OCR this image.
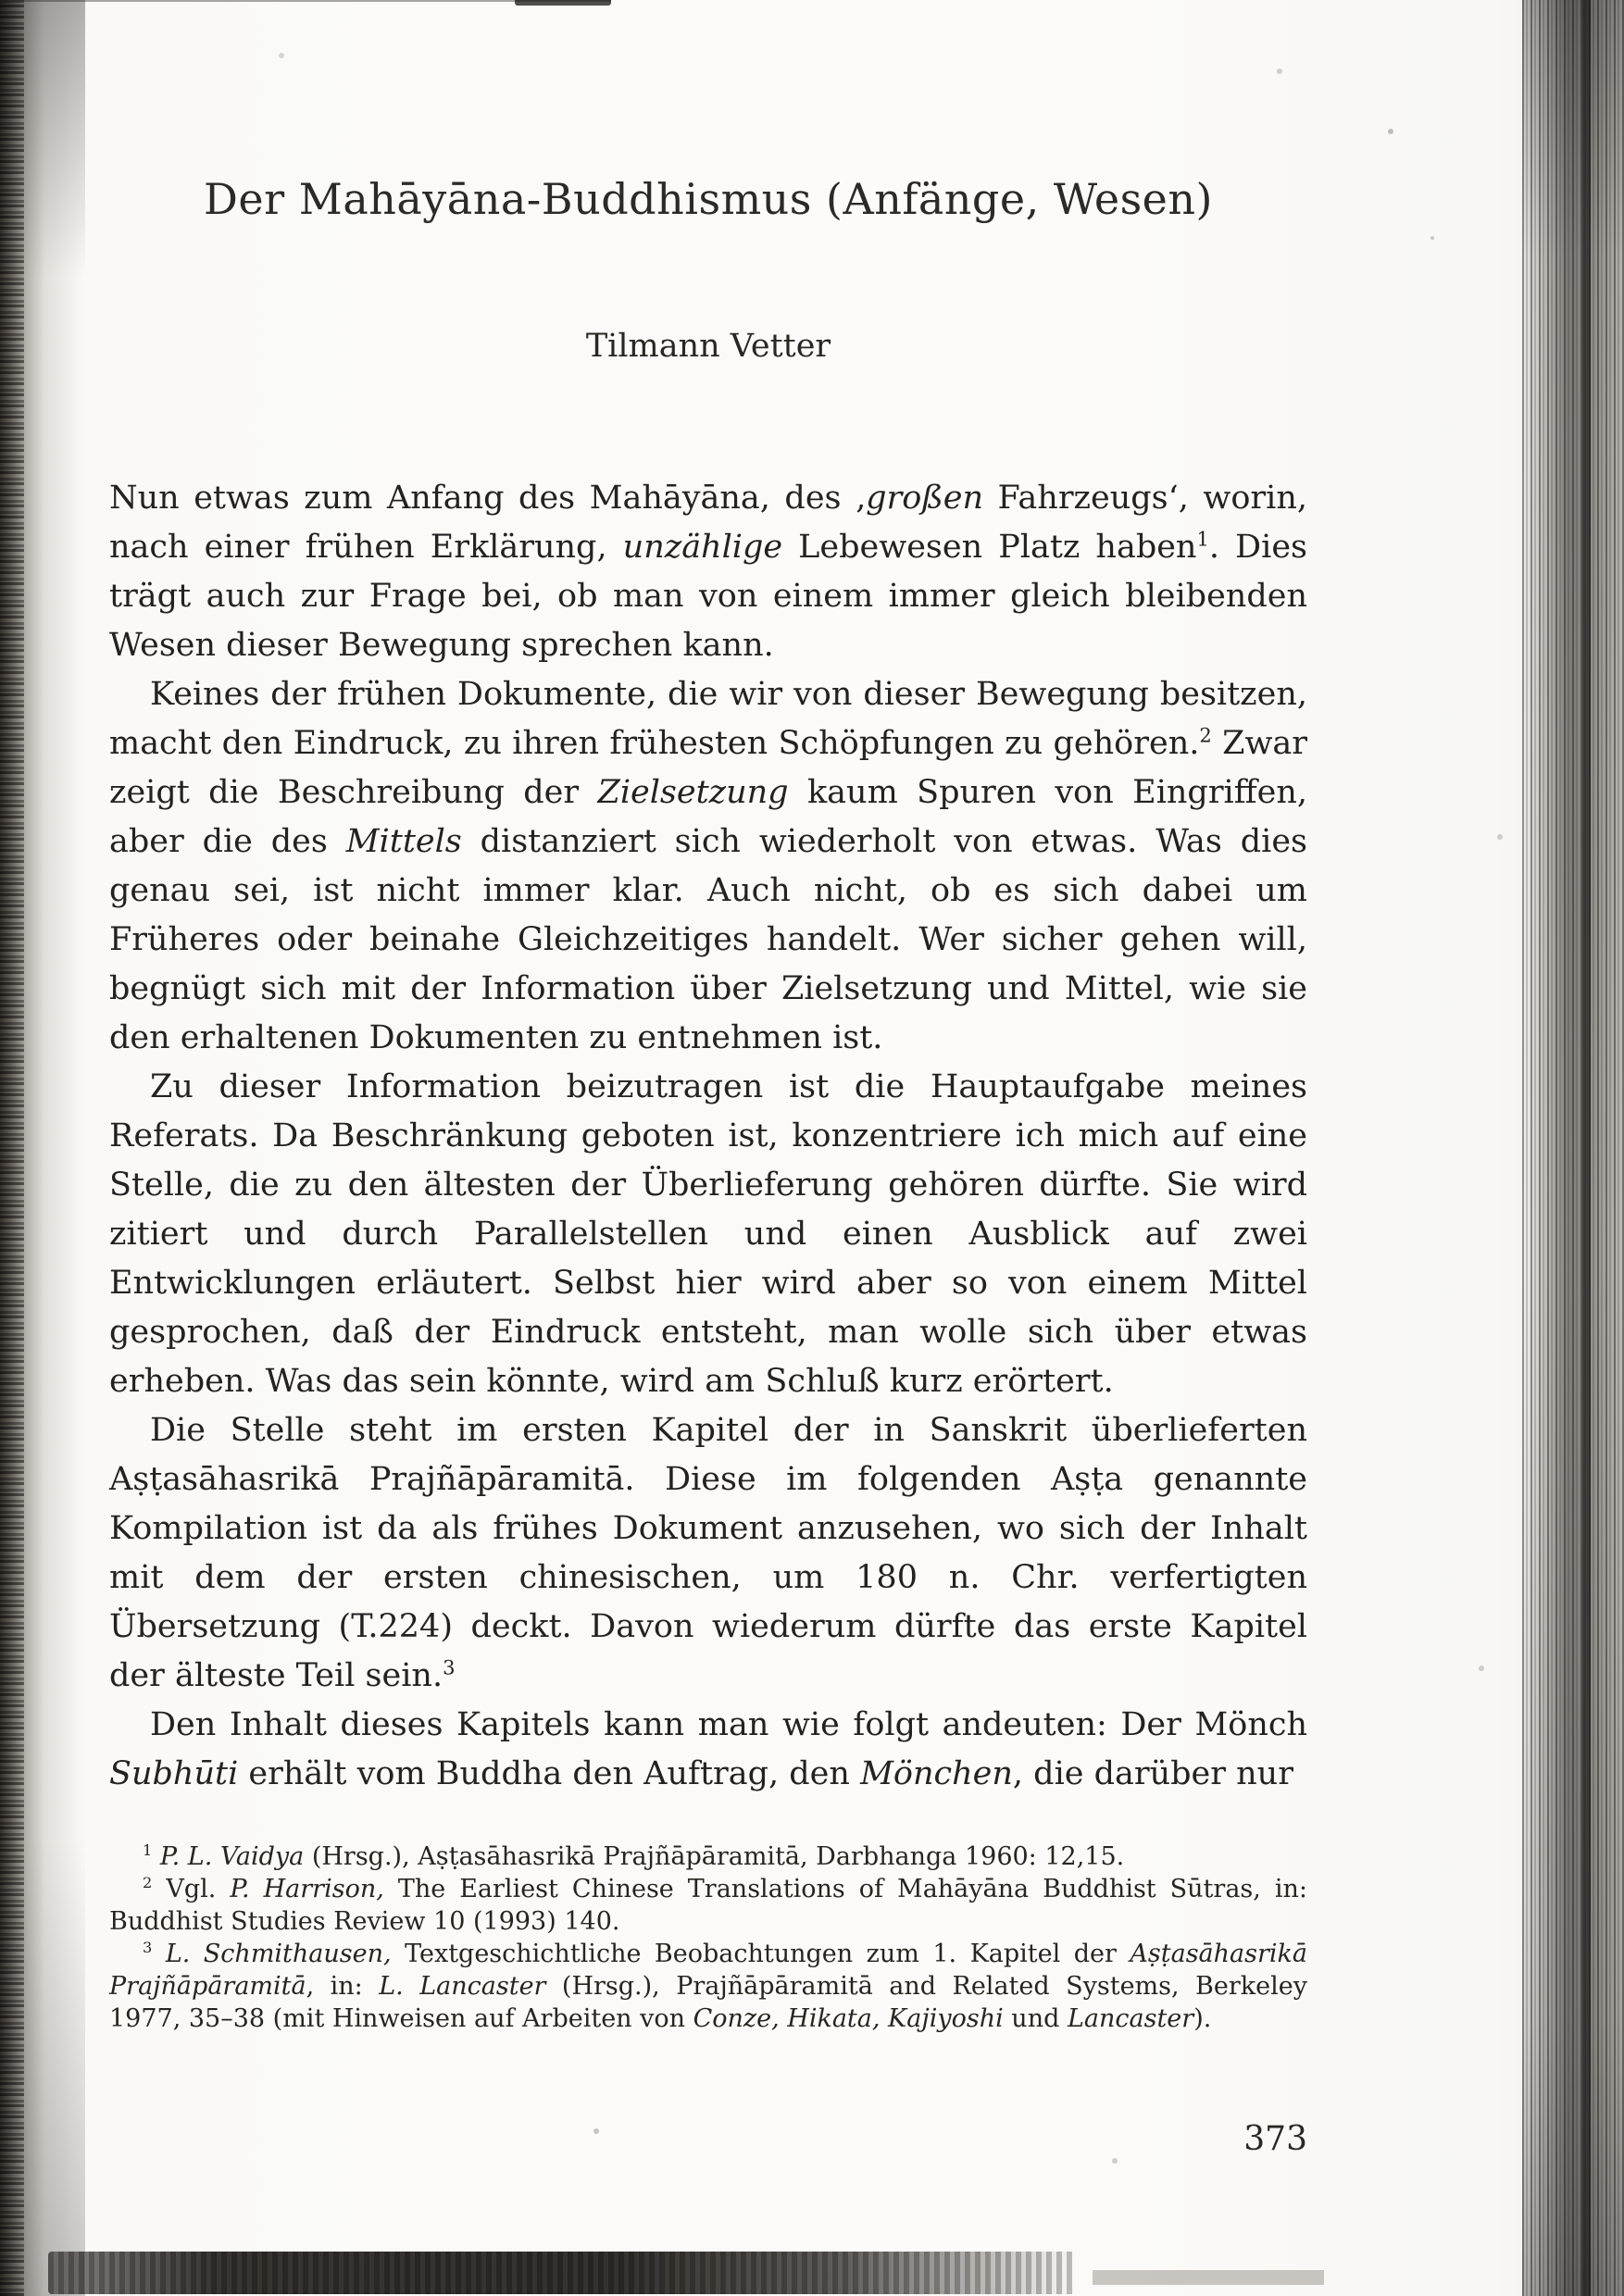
Der Mahāyāna-Buddhismus (Anfänge, Wesen)
Tilmann Vetter

Nun etwas zum Anfang des Mahāyāna, des ‚großen Fahrzeugs‘, worin, nach einer frühen Erklärung, unzählige Lebewesen Platz haben$^1$. Dies trägt auch zur Frage bei, ob man von einem immer gleich bleibenden Wesen dieser Bewegung sprechen kann.

Keines der frühen Dokumente, die wir von dieser Bewegung besitzen, macht den Eindruck, zu ihren frühesten Schöpfungen zu gehören.$^2$ Zwar zeigt die Beschreibung der Zielsetzung kaum Spuren von Eingriffen, aber die des Mittels distanziert sich wiederholt von etwas. Was dies genau sei, ist nicht immer klar. Auch nicht, ob es sich dabei um Früheres oder beinahe Gleichzeitiges handelt. Wer sicher gehen will, begnügt sich mit der Information über Zielsetzung und Mittel, wie sie den erhaltenen Dokumenten zu entnehmen ist.

Zu dieser Information beizutragen ist die Hauptaufgabe meines Referats. Da Beschränkung geboten ist, konzentriere ich mich auf eine Stelle, die zu den ältesten der Überlieferung gehören dürfte. Sie wird zitiert und durch Parallelstellen und einen Ausblick auf zwei Entwicklungen erläutert. Selbst hier wird aber so von einem Mittel gesprochen, daß der Eindruck entsteht, man wolle sich über etwas erheben. Was das sein könnte, wird am Schluß kurz erörtert.

Die Stelle steht im ersten Kapitel der in Sanskrit überlieferten Aṣṭasāhasrikā Prajñāpāramitā. Diese im folgenden Aṣṭa genannte Kompilation ist da als frühes Dokument anzusehen, wo sich der Inhalt mit dem der ersten chinesischen, um 180 n. Chr. verfertigten Übersetzung (T.224) deckt. Davon wiederum dürfte das erste Kapitel der älteste Teil sein.$^3$

Den Inhalt dieses Kapitels kann man wie folgt andeuten: Der Mönch Subhūti erhält vom Buddha den Auftrag, den Mönchen, die darüber nur

$^1$ P. L. Vaidya (Hrsg.), Aṣṭasāhasrikā Prajñāpāramitā, Darbhanga 1960: 12,15.

$^2$ Vgl. P. Harrison, The Earliest Chinese Translations of Mahāyāna Buddhist Sūtras, in: Buddhist Studies Review 10 (1993) 140.

$^3$ L. Schmithausen, Textgeschichtliche Beobachtungen zum 1. Kapitel der Aṣṭasāhasrikā Prajñāpāramitā, in: L. Lancaster (Hrsg.), Prajñāpāramitā and Related Systems, Berkeley 1977, 35–38 (mit Hinweisen auf Arbeiten von Conze, Hikata, Kajiyoshi und Lancaster).

373
